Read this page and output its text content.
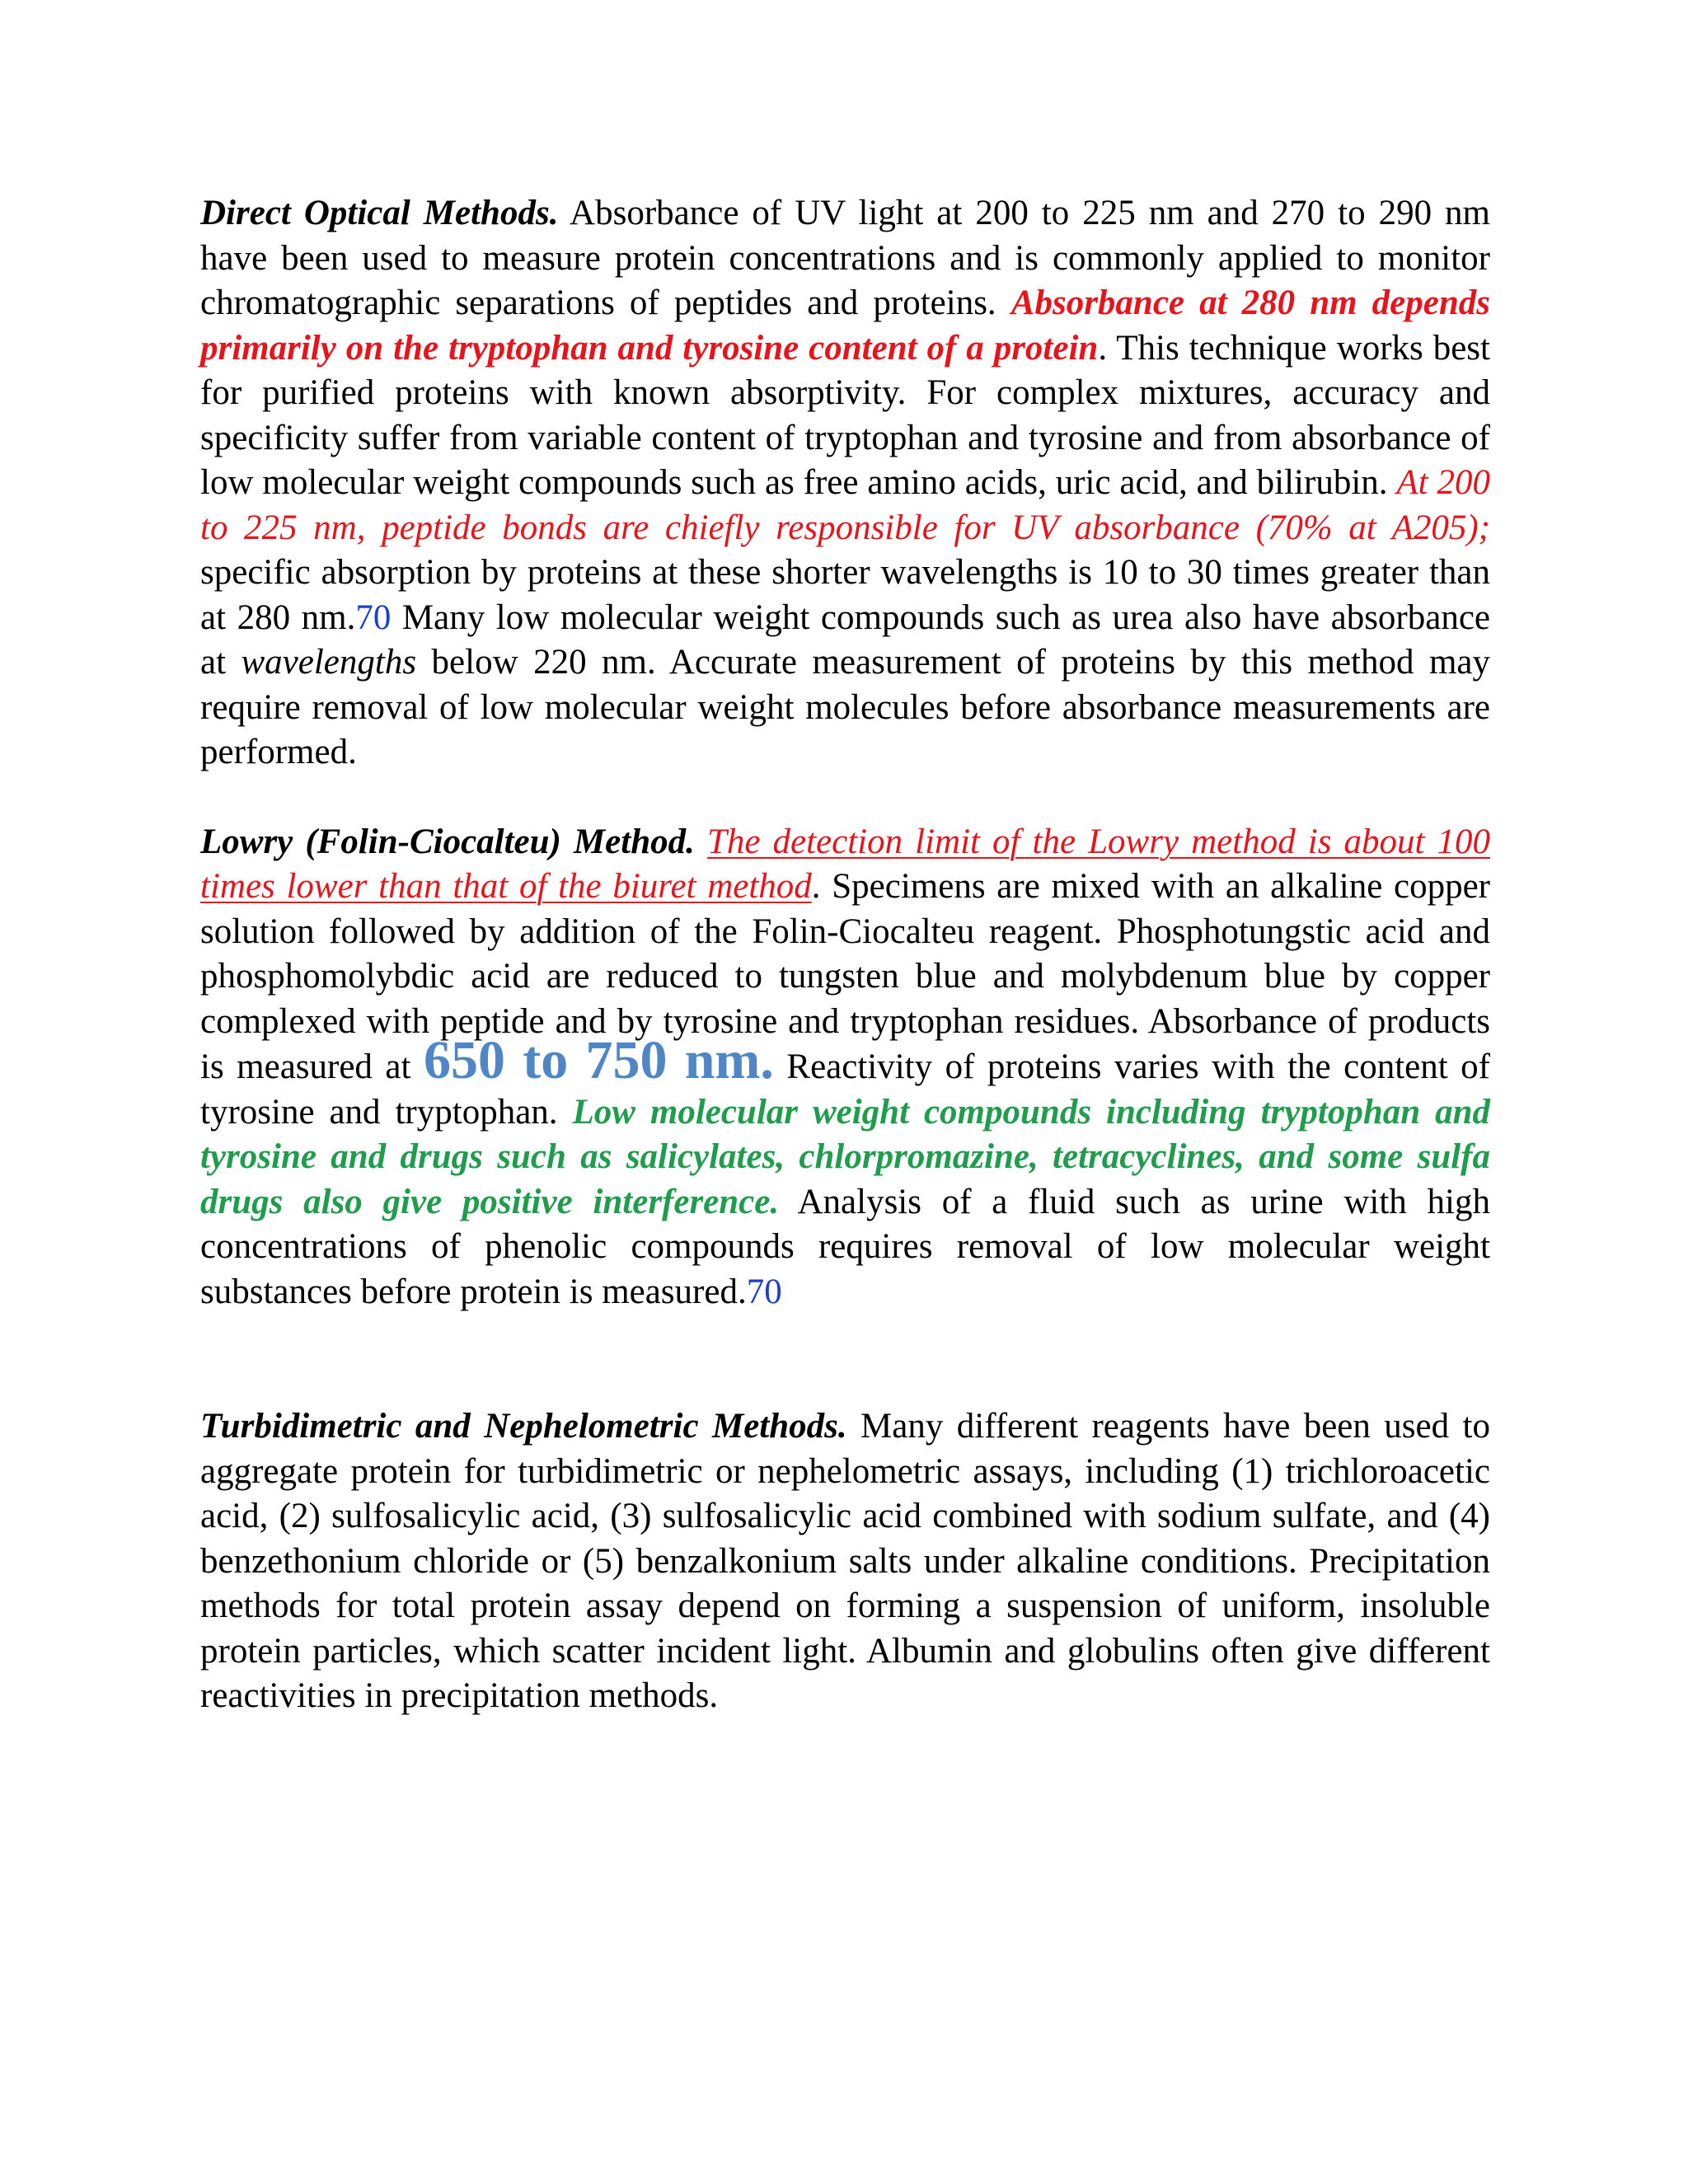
Direct Optical Methods. Absorbance of UV light at 200 to 225 nm and 270 to 290 nm have been used to measure protein concentrations and is commonly applied to monitor chromatographic separations of peptides and proteins. Absorbance at 280 nm depends primarily on the tryptophan and tyrosine content of a protein. This technique works best for purified proteins with known absorptivity. For complex mixtures, accuracy and specificity suffer from variable content of tryptophan and tyrosine and from absorbance of low molecular weight compounds such as free amino acids, uric acid, and bilirubin. At 200 to 225 nm, peptide bonds are chiefly responsible for UV absorbance (70% at A205); specific absorption by proteins at these shorter wavelengths is 10 to 30 times greater than at 280 nm.70 Many low molecular weight compounds such as urea also have absorbance at wavelengths below 220 nm. Accurate measurement of proteins by this method may require removal of low molecular weight molecules before absorbance measurements are performed.

Lowry (Folin-Ciocalteu) Method. The detection limit of the Lowry method is about 100 times lower than that of the biuret method. Specimens are mixed with an alkaline copper solution followed by addition of the Folin-Ciocalteu reagent. Phosphotungstic acid and phosphomolybdic acid are reduced to tungsten blue and molybdenum blue by copper complexed with peptide and by tyrosine and tryptophan residues. Absorbance of products is measured at 650 to 750 nm. Reactivity of proteins varies with the content of tyrosine and tryptophan. Low molecular weight compounds including tryptophan and tyrosine and drugs such as salicylates, chlorpromazine, tetracyclines, and some sulfa drugs also give positive interference. Analysis of a fluid such as urine with high concentrations of phenolic compounds requires removal of low molecular weight substances before protein is measured.70

Turbidimetric and Nephelometric Methods. Many different reagents have been used to aggregate protein for turbidimetric or nephelometric assays, including (1) trichloroacetic acid, (2) sulfosalicylic acid, (3) sulfosalicylic acid combined with sodium sulfate, and (4) benzethonium chloride or (5) benzalkonium salts under alkaline conditions. Precipitation methods for total protein assay depend on forming a suspension of uniform, insoluble protein particles, which scatter incident light. Albumin and globulins often give different reactivities in precipitation methods.
